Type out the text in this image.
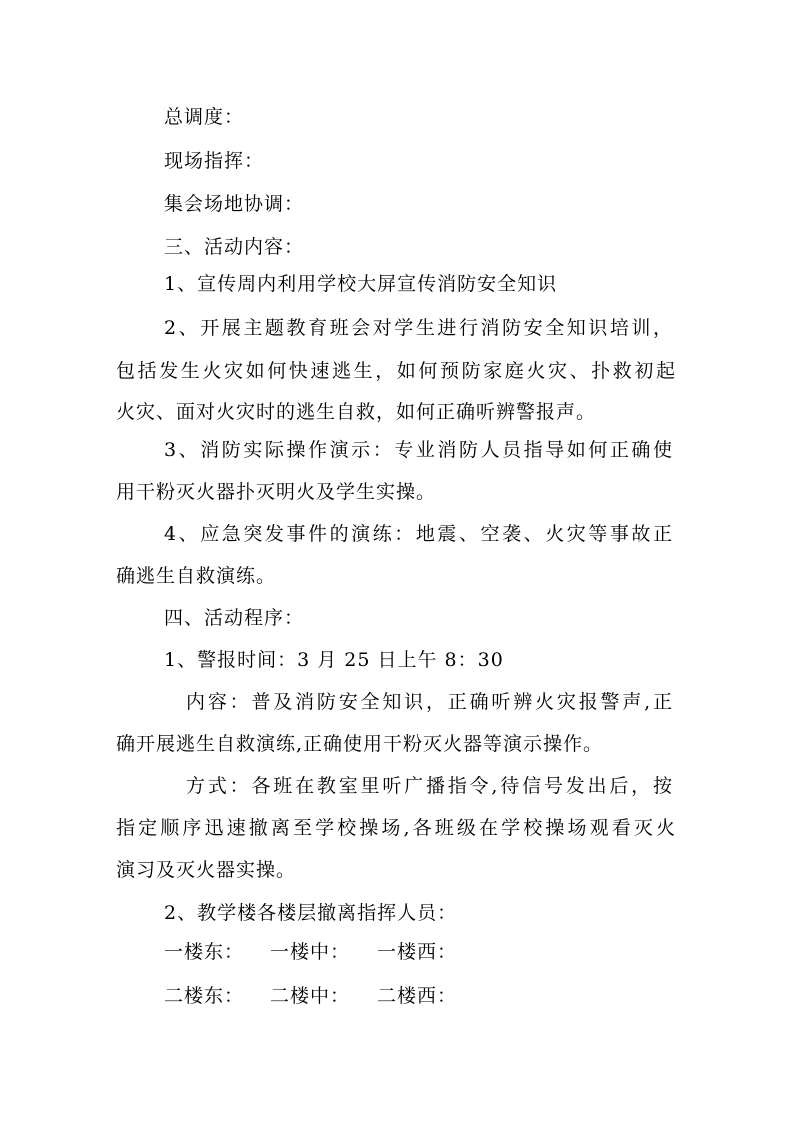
总调度：
现场指挥：
集会场地协调：
三、活动内容：
1、宣传周内利用学校大屏宣传消防安全知识
2、开展主题教育班会对学生进行消防安全知识培训，
包括发生火灾如何快速逃生，如何预防家庭火灾、扑救初起
火灾、面对火灾时的逃生自救，如何正确听辨警报声。
3、消防实际操作演示：专业消防人员指导如何正确使
用干粉灭火器扑灭明火及学生实操。
4、应急突发事件的演练：地震、空袭、火灾等事故正
确逃生自救演练。
四、活动程序：
1、警报时间：3 月 25 日上午 8：30
内容：普及消防安全知识，正确听辨火灾报警声,正
确开展逃生自救演练,正确使用干粉灭火器等演示操作。
方式：各班在教室里听广播指令,待信号发出后，按
指定顺序迅速撤离至学校操场,各班级在学校操场观看灭火
演习及灭火器实操。
2、教学楼各楼层撤离指挥人员：
一楼东： 一楼中： 一楼西：
二楼东： 二楼中： 二楼西：
